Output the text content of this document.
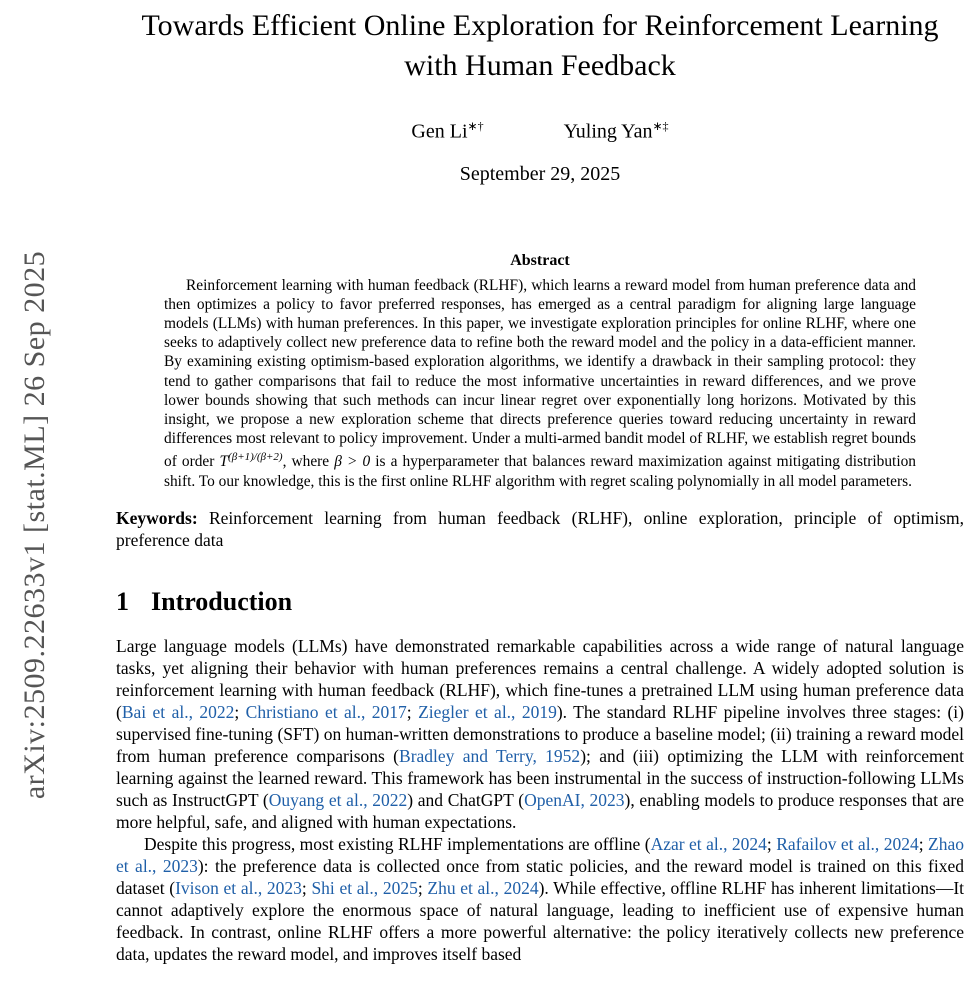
arXiv:2509.22633v1 [stat.ML] 26 Sep 2025
Towards Efficient Online Exploration for Reinforcement Learning
with Human Feedback
Gen Li∗†	Yuling Yan∗‡
September 29, 2025
Abstract
Reinforcement learning with human feedback (RLHF), which learns a reward model from human preference data and then optimizes a policy to favor preferred responses, has emerged as a central paradigm for aligning large language models (LLMs) with human preferences. In this paper, we investigate exploration principles for online RLHF, where one seeks to adaptively collect new preference data to refine both the reward model and the policy in a data-efficient manner. By examining existing optimism-based exploration algorithms, we identify a drawback in their sampling protocol: they tend to gather comparisons that fail to reduce the most informative uncertainties in reward differences, and we prove lower bounds showing that such methods can incur linear regret over exponentially long horizons. Motivated by this insight, we propose a new exploration scheme that directs preference queries toward reducing uncertainty in reward differences most relevant to policy improvement. Under a multi-armed bandit model of RLHF, we establish regret bounds of order $T^{(\beta+1)/(\beta+2)}$, where β > 0 is a hyperparameter that balances reward maximization against mitigating distribution shift. To our knowledge, this is the first online RLHF algorithm with regret scaling polynomially in all model parameters.
Keywords: Reinforcement learning from human feedback (RLHF), online exploration, principle of optimism, preference data
1 Introduction
Large language models (LLMs) have demonstrated remarkable capabilities across a wide range of natural language tasks, yet aligning their behavior with human preferences remains a central challenge. A widely adopted solution is reinforcement learning with human feedback (RLHF), which fine-tunes a pretrained LLM using human preference data (Bai et al., 2022; Christiano et al., 2017; Ziegler et al., 2019). The standard RLHF pipeline involves three stages: (i) supervised fine-tuning (SFT) on human-written demonstrations to produce a baseline model; (ii) training a reward model from human preference comparisons (Bradley and Terry, 1952); and (iii) optimizing the LLM with reinforcement learning against the learned reward. This framework has been instrumental in the success of instruction-following LLMs such as InstructGPT (Ouyang et al., 2022) and ChatGPT (OpenAI, 2023), enabling models to produce responses that are more helpful, safe, and aligned with human expectations.
Despite this progress, most existing RLHF implementations are offline (Azar et al., 2024; Rafailov et al., 2024; Zhao et al., 2023): the preference data is collected once from static policies, and the reward model is trained on this fixed dataset (Ivison et al., 2023; Shi et al., 2025; Zhu et al., 2024). While effective, offline RLHF has inherent limitations—It cannot adaptively explore the enormous space of natural language, leading to inefficient use of expensive human feedback. In contrast, online RLHF offers a more powerful alternative: the policy iteratively collects new preference data, updates the reward model, and improves itself based
